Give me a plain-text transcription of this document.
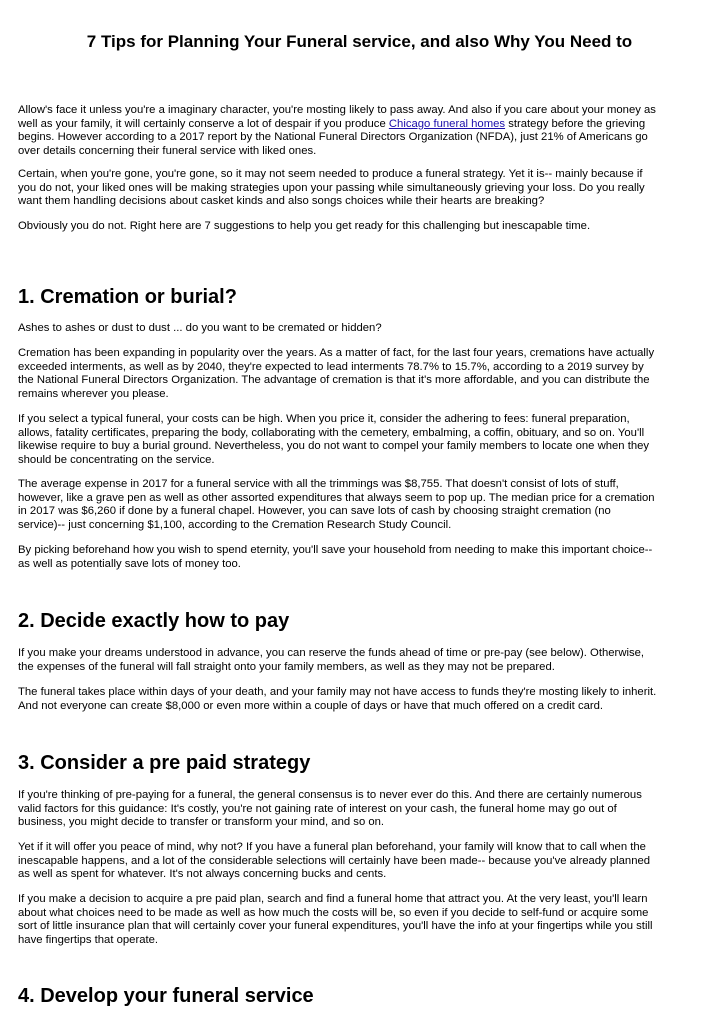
7 Tips for Planning Your Funeral service, and also Why You Need to

Allow's face it unless you're a imaginary character, you're mosting likely to pass away. And also if you care about your money as
well as your family, it will certainly conserve a lot of despair if you produce Chicago funeral homes strategy before the grieving
begins. However according to a 2017 report by the National Funeral Directors Organization (NFDA), just 21% of Americans go
over details concerning their funeral service with liked ones.

Certain, when you're gone, you're gone, so it may not seem needed to produce a funeral strategy. Yet it is-- mainly because if
you do not, your liked ones will be making strategies upon your passing while simultaneously grieving your loss. Do you really
want them handling decisions about casket kinds and also songs choices while their hearts are breaking?

Obviously you do not. Right here are 7 suggestions to help you get ready for this challenging but inescapable time.

1. Cremation or burial?

Ashes to ashes or dust to dust ... do you want to be cremated or hidden?

Cremation has been expanding in popularity over the years. As a matter of fact, for the last four years, cremations have actually
exceeded interments, as well as by 2040, they're expected to lead interments 78.7% to 15.7%, according to a 2019 survey by
the National Funeral Directors Organization. The advantage of cremation is that it's more affordable, and you can distribute the
remains wherever you please.

If you select a typical funeral, your costs can be high. When you price it, consider the adhering to fees: funeral preparation,
allows, fatality certificates, preparing the body, collaborating with the cemetery, embalming, a coffin, obituary, and so on. You'll
likewise require to buy a burial ground. Nevertheless, you do not want to compel your family members to locate one when they
should be concentrating on the service.

The average expense in 2017 for a funeral service with all the trimmings was $8,755. That doesn't consist of lots of stuff,
however, like a grave pen as well as other assorted expenditures that always seem to pop up. The median price for a cremation
in 2017 was $6,260 if done by a funeral chapel. However, you can save lots of cash by choosing straight cremation (no
service)-- just concerning $1,100, according to the Cremation Research Study Council.

By picking beforehand how you wish to spend eternity, you'll save your household from needing to make this important choice--
as well as potentially save lots of money too.

2. Decide exactly how to pay

If you make your dreams understood in advance, you can reserve the funds ahead of time or pre-pay (see below). Otherwise,
the expenses of the funeral will fall straight onto your family members, as well as they may not be prepared.

The funeral takes place within days of your death, and your family may not have access to funds they're mosting likely to inherit.
And not everyone can create $8,000 or even more within a couple of days or have that much offered on a credit card.

3. Consider a pre paid strategy

If you're thinking of pre-paying for a funeral, the general consensus is to never ever do this. And there are certainly numerous
valid factors for this guidance: It's costly, you're not gaining rate of interest on your cash, the funeral home may go out of
business, you might decide to transfer or transform your mind, and so on.

Yet if it will offer you peace of mind, why not? If you have a funeral plan beforehand, your family will know that to call when the
inescapable happens, and a lot of the considerable selections will certainly have been made-- because you've already planned
as well as spent for whatever. It's not always concerning bucks and cents.

If you make a decision to acquire a pre paid plan, search and find a funeral home that attract you. At the very least, you'll learn
about what choices need to be made as well as how much the costs will be, so even if you decide to self-fund or acquire some
sort of little insurance plan that will certainly cover your funeral expenditures, you'll have the info at your fingertips while you still
have fingertips that operate.

4. Develop your funeral service
